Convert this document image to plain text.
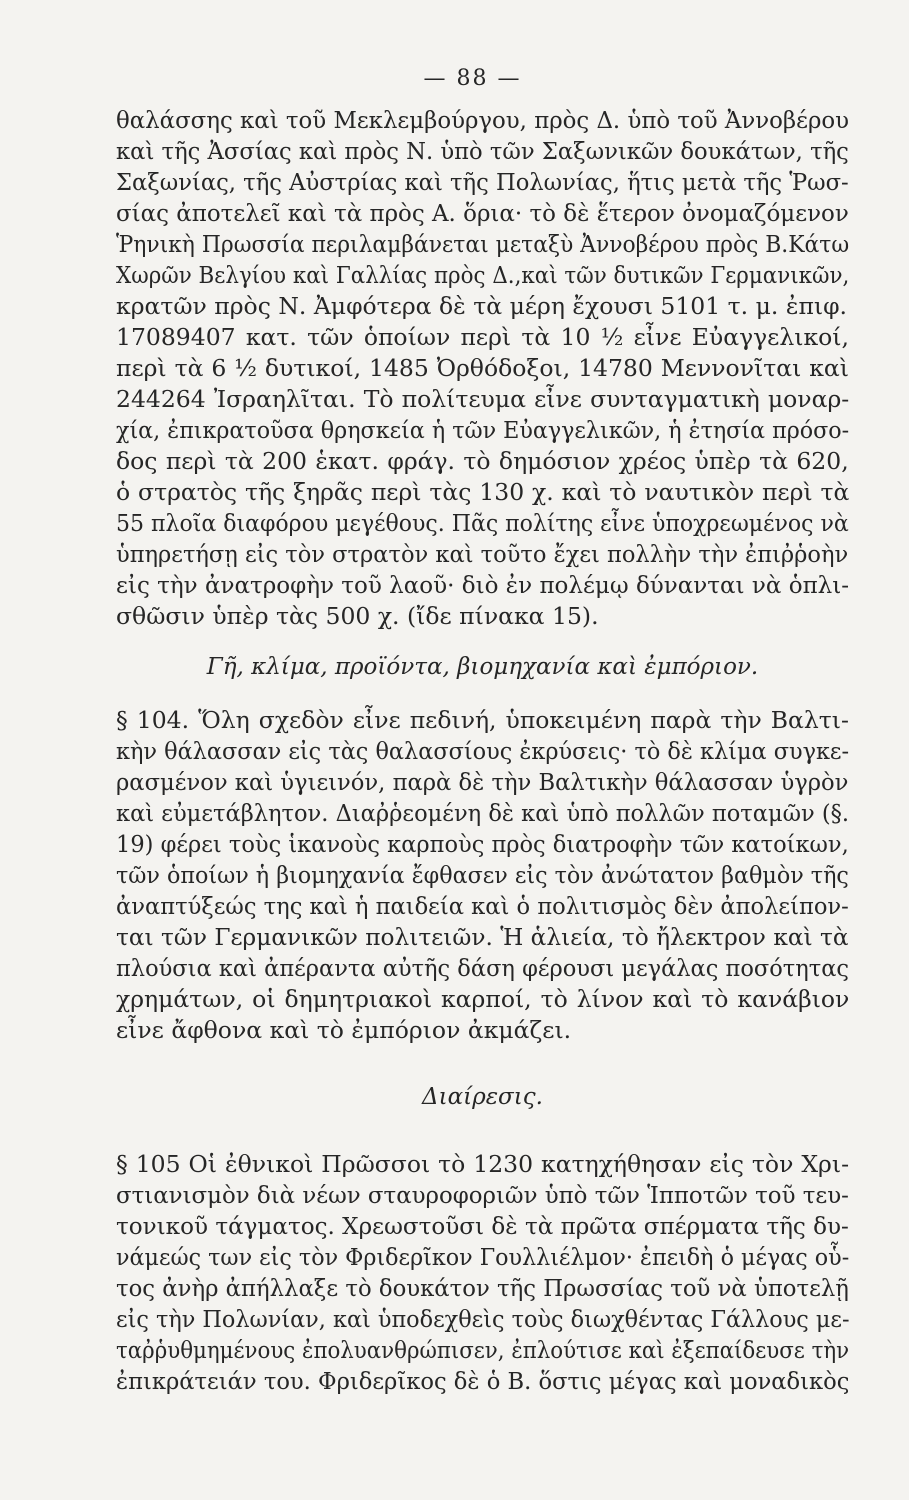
— 88 —

θαλάσσης καὶ τοῦ Μεκλεμβούργου, πρὸς Δ. ὑπὸ τοῦ Ἀννοβέρου
καὶ τῆς Ἀσσίας καὶ πρὸς Ν. ὑπὸ τῶν Σαξωνικῶν δουκάτων, τῆς
Σαξωνίας, τῆς Αὐστρίας καὶ τῆς Πολωνίας, ἥτις μετὰ τῆς Ῥωσ-
σίας ἀποτελεῖ καὶ τὰ πρὸς Α. ὅρια· τὸ δὲ ἕτερον ὀνομαζόμενον
Ῥηνικὴ Πρωσσία περιλαμβάνεται μεταξὺ Ἀννοβέρου πρὸς Β.Κάτω
Χωρῶν Βελγίου καὶ Γαλλίας πρὸς Δ.,καὶ τῶν δυτικῶν Γερμανικῶν,
κρατῶν πρὸς Ν. Ἀμφότερα δὲ τὰ μέρη ἔχουσι 5101 τ. μ. ἐπιφ.
17089407 κατ. τῶν ὁποίων περὶ τὰ 10 ½ εἶνε Εὐαγγελικοί,
περὶ τὰ 6 ½ δυτικοί, 1485 Ὀρθόδοξοι, 14780 Μεννονῖται καὶ
244264 Ἰσραηλῖται. Τὸ πολίτευμα εἶνε συνταγματικὴ μοναρ-
χία, ἐπικρατοῦσα θρησκεία ἡ τῶν Εὐαγγελικῶν, ἡ ἐτησία πρόσο-
δος περὶ τὰ 200 ἑκατ. φράγ. τὸ δημόσιον χρέος ὑπὲρ τὰ 620,
ὁ στρατὸς τῆς ξηρᾶς περὶ τὰς 130 χ. καὶ τὸ ναυτικὸν περὶ τὰ
55 πλοῖα διαφόρου μεγέθους. Πᾶς πολίτης εἶνε ὑποχρεωμένος νὰ
ὑπηρετήσῃ εἰς τὸν στρατὸν καὶ τοῦτο ἔχει πολλὴν τὴν ἐπιῤῥοὴν
εἰς τὴν ἀνατροφὴν τοῦ λαοῦ· διὸ ἐν πολέμῳ δύνανται νὰ ὁπλι-
σθῶσιν ὑπὲρ τὰς 500 χ. (ἴδε πίνακα 15).

Γῆ, κλίμα, προϊόντα, βιομηχανία καὶ ἐμπόριον.

§ 104. Ὅλη σχεδὸν εἶνε πεδινή, ὑποκειμένη παρὰ τὴν Βαλτι-
κὴν θάλασσαν εἰς τὰς θαλασσίους ἐκρύσεις· τὸ δὲ κλίμα συγκε-
ρασμένον καὶ ὑγιεινόν, παρὰ δὲ τὴν Βαλτικὴν θάλασσαν ὑγρὸν
καὶ εὐμετάβλητον. Διαῤῥεομένη δὲ καὶ ὑπὸ πολλῶν ποταμῶν (§.
19) φέρει τοὺς ἱκανοὺς καρποὺς πρὸς διατροφὴν τῶν κατοίκων,
τῶν ὁποίων ἡ βιομηχανία ἔφθασεν εἰς τὸν ἀνώτατον βαθμὸν τῆς
ἀναπτύξεώς της καὶ ἡ παιδεία καὶ ὁ πολιτισμὸς δὲν ἀπολείπον-
ται τῶν Γερμανικῶν πολιτειῶν. Ἡ ἁλιεία, τὸ ἤλεκτρον καὶ τὰ
πλούσια καὶ ἀπέραντα αὐτῆς δάση φέρουσι μεγάλας ποσότητας
χρημάτων, οἱ δημητριακοὶ καρποί, τὸ λίνον καὶ τὸ κανάβιον
εἶνε ἄφθονα καὶ τὸ ἐμπόριον ἀκμάζει.

Διαίρεσις.

§ 105 Οἱ ἐθνικοὶ Πρῶσσοι τὸ 1230 κατηχήθησαν εἰς τὸν Χρι-
στιανισμὸν διὰ νέων σταυροφοριῶν ὑπὸ τῶν Ἱπποτῶν τοῦ τευ-
τονικοῦ τάγματος. Χρεωστοῦσι δὲ τὰ πρῶτα σπέρματα τῆς δυ-
νάμεώς των εἰς τὸν Φριδερῖκον Γουλλιέλμον· ἐπειδὴ ὁ μέγας οὗ-
τος ἀνὴρ ἀπήλλαξε τὸ δουκάτον τῆς Πρωσσίας τοῦ νὰ ὑποτελῇ
εἰς τὴν Πολωνίαν, καὶ ὑποδεχθεὶς τοὺς διωχθέντας Γάλλους με-
ταῤῥυθμημένους ἐπολυανθρώπισεν, ἐπλούτισε καὶ ἐξεπαίδευσε τὴν
ἐπικράτειάν του. Φριδερῖκος δὲ ὁ Β. ὅστις μέγας καὶ μοναδικὸς
